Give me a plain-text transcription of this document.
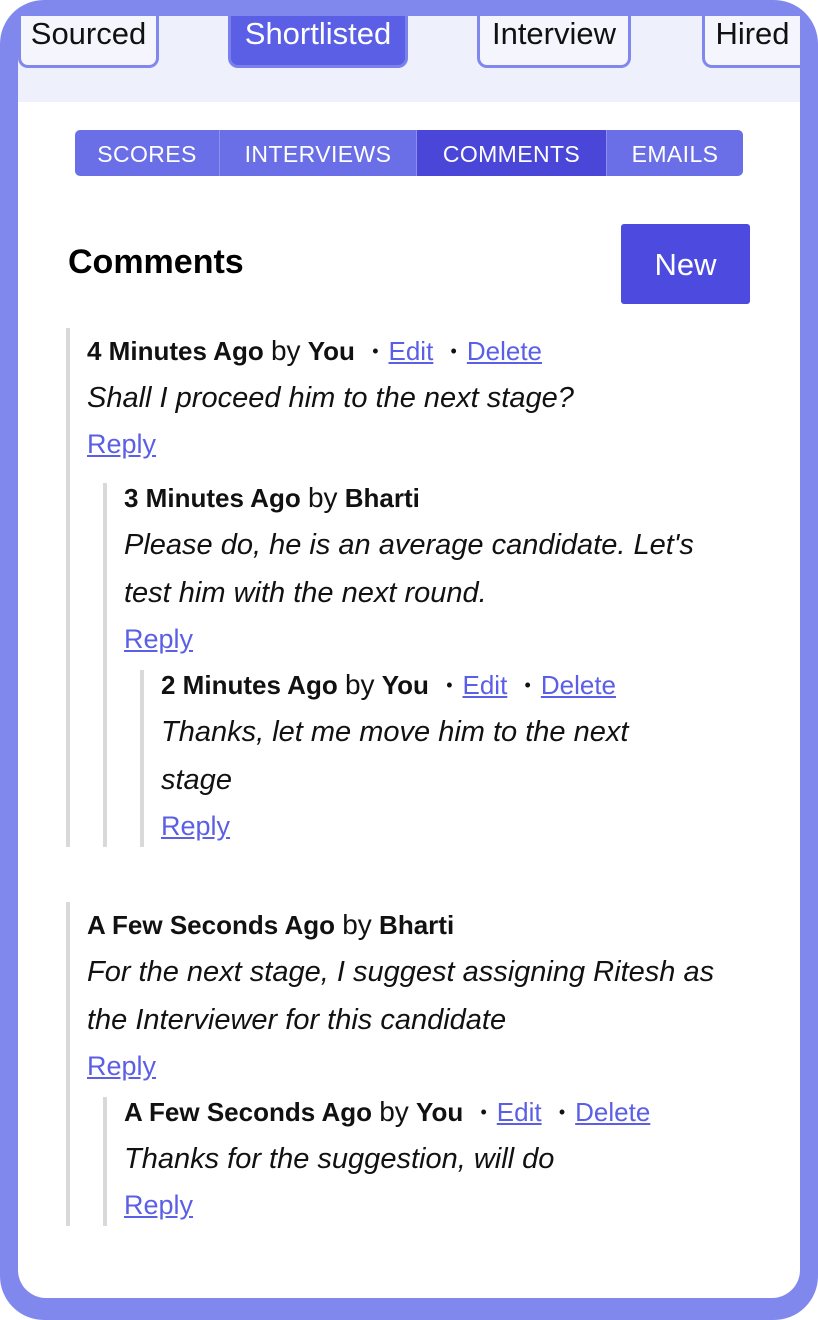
Sourced	Shortlisted	Interview	Hired
SCORES	INTERVIEWS	COMMENTS	EMAILS
Comments	New
4 Minutes Ago by You • Edit • Delete
Shall I proceed him to the next stage?
Reply
3 Minutes Ago by Bharti
Please do, he is an average candidate. Let's test him with the next round.
Reply
2 Minutes Ago by You • Edit • Delete
Thanks, let me move him to the next stage
Reply
A Few Seconds Ago by Bharti
For the next stage, I suggest assigning Ritesh as the Interviewer for this candidate
Reply
A Few Seconds Ago by You • Edit • Delete
Thanks for the suggestion, will do
Reply
